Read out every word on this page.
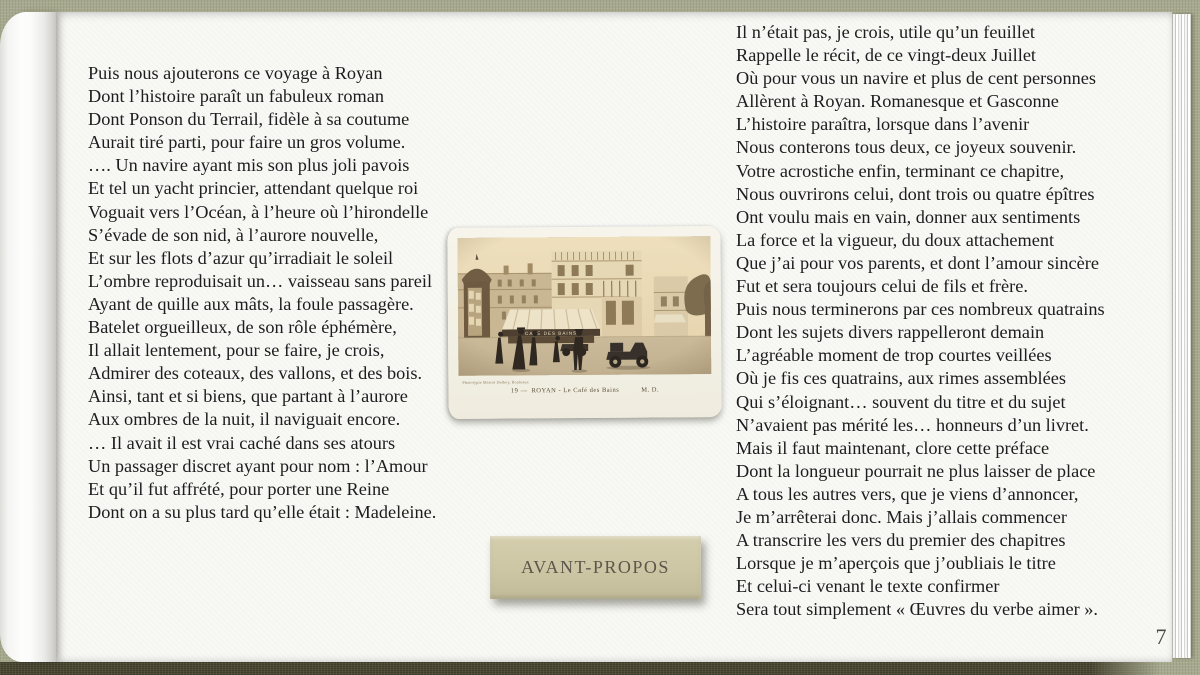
Puis nous ajouterons ce voyage à Royan
Dont l’histoire paraît un fabuleux roman
Dont Ponson du Terrail, fidèle à sa coutume
Aurait tiré parti, pour faire un gros volume.
…. Un navire ayant mis son plus joli pavois
Et tel un yacht princier, attendant quelque roi
Voguait vers l’Océan, à l’heure où l’hirondelle
S’évade de son nid, à l’aurore nouvelle,
Et sur les flots d’azur qu’irradiait le soleil
L’ombre reproduisait un… vaisseau sans pareil
Ayant de quille aux mâts, la foule passagère.
Batelet orgueilleux, de son rôle éphémère,
Il allait lentement, pour se faire, je crois,
Admirer des coteaux, des vallons, et des bois.
Ainsi, tant et si biens, que partant à l’aurore
Aux ombres de la nuit, il naviguait encore.
… Il avait il est vrai caché dans ses atours
Un passager discret ayant pour nom : l’Amour
Et qu’il fut affrété, pour porter une Reine
Dont on a su plus tard qu’elle était : Madeleine.
Il n’était pas, je crois, utile qu’un feuillet
Rappelle le récit, de ce vingt-deux Juillet
Où pour vous un navire et plus de cent personnes
Allèrent à Royan. Romanesque et Gasconne
L’histoire paraîtra, lorsque dans l’avenir
Nous conterons tous deux, ce joyeux souvenir.
Votre acrostiche enfin, terminant ce chapitre,
Nous ouvrirons celui, dont trois ou quatre épîtres
Ont voulu mais en vain, donner aux sentiments
La force et la vigueur, du doux attachement
Que j’ai pour vos parents, et dont l’amour sincère
Fut et sera toujours celui de fils et frère.
Puis nous terminerons par ces nombreux quatrains
Dont les sujets divers rappelleront demain
L’agréable moment de trop courtes veillées
Où je fis ces quatrains, aux rimes assemblées
Qui s’éloignant… souvent du titre et du sujet
N’avaient pas mérité les… honneurs d’un livret.
Mais il faut maintenant, clore cette préface
Dont la longueur pourrait ne plus laisser de place
A tous les autres vers, que je viens d’annoncer,
Je m’arrêterai donc. Mais j’allais commencer
A transcrire les vers du premier des chapitres
Lorsque je m’aperçois que j’oubliais le titre
Et celui-ci venant le texte confirmer
Sera tout simplement « Œuvres du verbe aimer ».
Phototypie Marcel Delboy, Bordeaux
19 — ROYAN - Le Café des Bains	M. D.
AVANT-PROPOS
7
